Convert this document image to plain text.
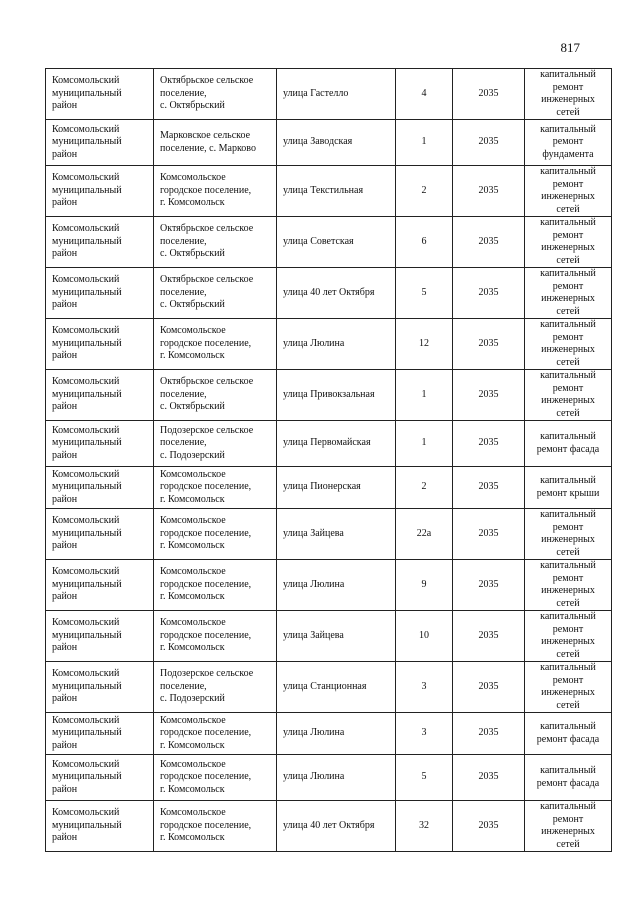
817
Комсомольский
муниципальный
район	Октябрьское сельское
поселение,
с. Октябрьский	улица Гастелло	4	2035	капитальный
ремонт
инженерных
сетей
Комсомольский
муниципальный
район	Марковское сельское
поселение, с. Марково	улица Заводская	1	2035	капитальный
ремонт
фундамента
Комсомольский
муниципальный
район	Комсомольское
городское поселение,
г. Комсомольск	улица Текстильная	2	2035	капитальный
ремонт
инженерных
сетей
Комсомольский
муниципальный
район	Октябрьское сельское
поселение,
с. Октябрьский	улица Советская	6	2035	капитальный
ремонт
инженерных
сетей
Комсомольский
муниципальный
район	Октябрьское сельское
поселение,
с. Октябрьский	улица 40 лет Октября	5	2035	капитальный
ремонт
инженерных
сетей
Комсомольский
муниципальный
район	Комсомольское
городское поселение,
г. Комсомольск	улица Люлина	12	2035	капитальный
ремонт
инженерных
сетей
Комсомольский
муниципальный
район	Октябрьское сельское
поселение,
с. Октябрьский	улица Привокзальная	1	2035	капитальный
ремонт
инженерных
сетей
Комсомольский
муниципальный
район	Подозерское сельское
поселение,
с. Подозерский	улица Первомайская	1	2035	капитальный
ремонт фасада
Комсомольский
муниципальный
район	Комсомольское
городское поселение,
г. Комсомольск	улица Пионерская	2	2035	капитальный
ремонт крыши
Комсомольский
муниципальный
район	Комсомольское
городское поселение,
г. Комсомольск	улица Зайцева	22а	2035	капитальный
ремонт
инженерных
сетей
Комсомольский
муниципальный
район	Комсомольское
городское поселение,
г. Комсомольск	улица Люлина	9	2035	капитальный
ремонт
инженерных
сетей
Комсомольский
муниципальный
район	Комсомольское
городское поселение,
г. Комсомольск	улица Зайцева	10	2035	капитальный
ремонт
инженерных
сетей
Комсомольский
муниципальный
район	Подозерское сельское
поселение,
с. Подозерский	улица Станционная	3	2035	капитальный
ремонт
инженерных
сетей
Комсомольский
муниципальный
район	Комсомольское
городское поселение,
г. Комсомольск	улица Люлина	3	2035	капитальный
ремонт фасада
Комсомольский
муниципальный
район	Комсомольское
городское поселение,
г. Комсомольск	улица Люлина	5	2035	капитальный
ремонт фасада
Комсомольский
муниципальный
район	Комсомольское
городское поселение,
г. Комсомольск	улица 40 лет Октября	32	2035	капитальный
ремонт
инженерных
сетей
